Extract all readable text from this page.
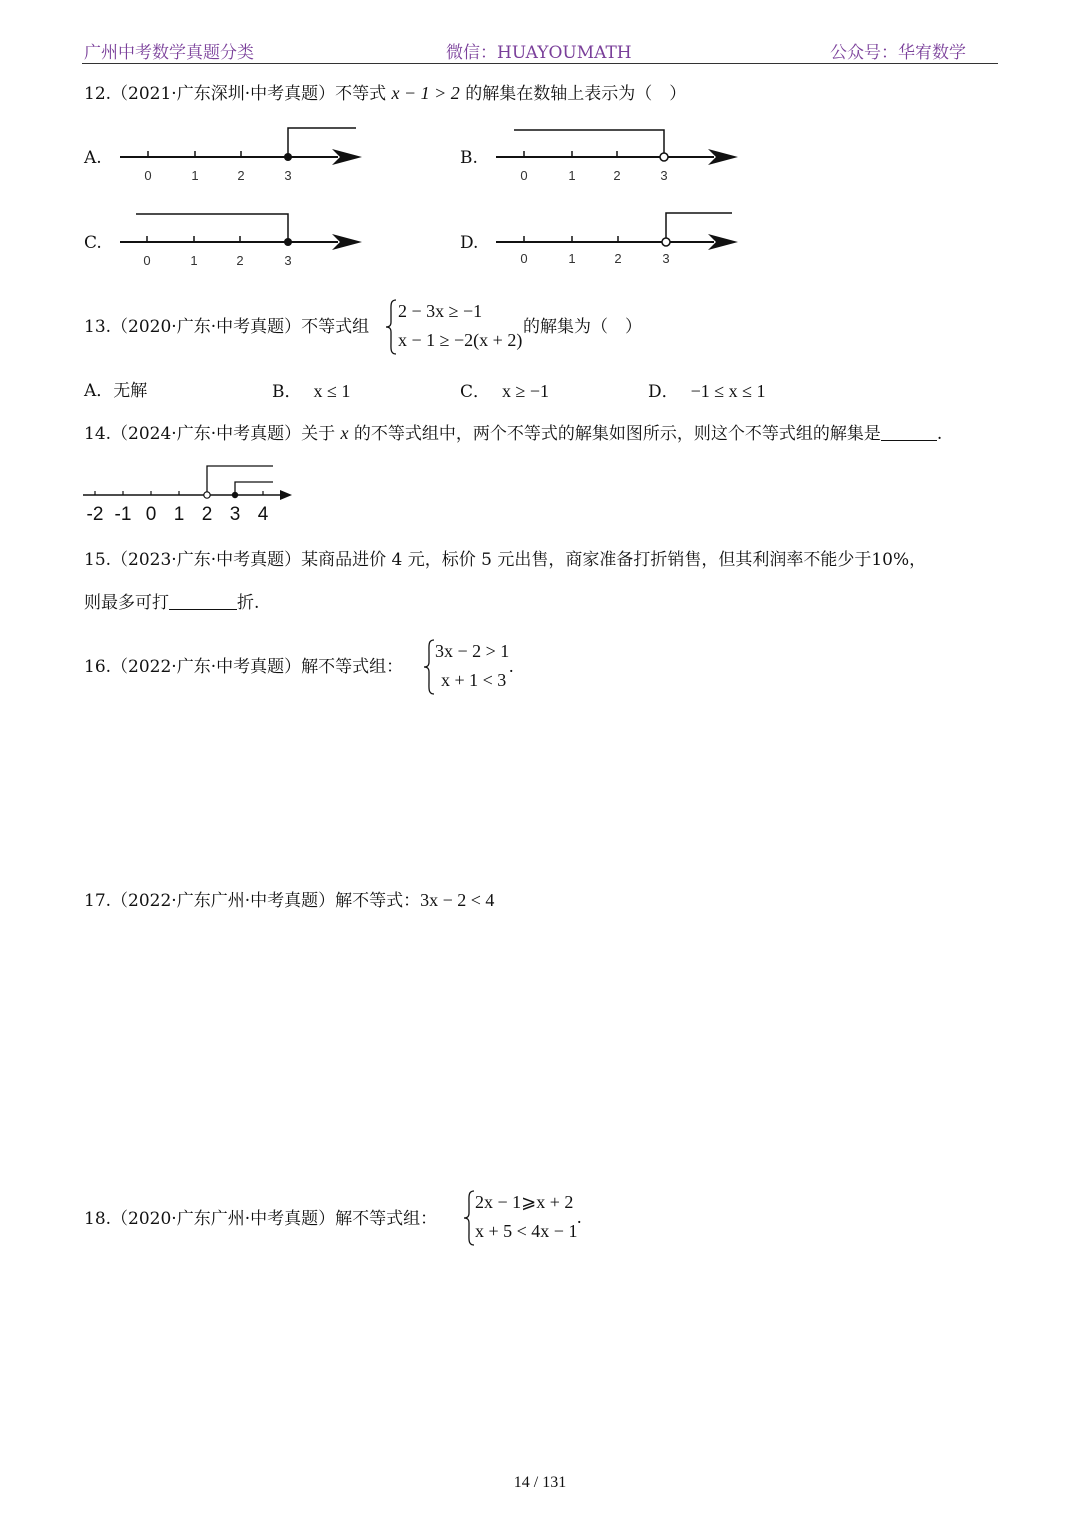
广州中考数学真题分类	微信：HUAYOUMATH	公众号：华宥数学
12.（2021·广东深圳·中考真题）不等式 x − 1 > 2 的解集在数轴上表示为（　）
A.	B.
C.	D.
0	1	2	3	0	1	2	3
0	1	2	3	0	1	2	3
13.（2020·广东·中考真题）不等式组
2 − 3x ≥ −1
x − 1 ≥ −2(x + 2)
的解集为（　）
A．无解	B． x ≤ 1	C． x ≥ −1	D． −1 ≤ x ≤ 1
14.（2024·广东·中考真题）关于 x 的不等式组中，两个不等式的解集如图所示，则这个不等式组的解集是	.
-2 -1 0 1 2 3 4
15.（2023·广东·中考真题）某商品进价 4 元，标价 5 元出售，商家准备打折销售，但其利润率不能少于10%，
则最多可打	折.
16.（2022·广东·中考真题）解不等式组：
3x − 2 > 1
x + 1 < 3
.
17.（2022·广东广州·中考真题）解不等式：3x − 2 < 4
18.（2020·广东广州·中考真题）解不等式组：
2x − 1⩾x + 2
x + 5 < 4x − 1
.
14 / 131
